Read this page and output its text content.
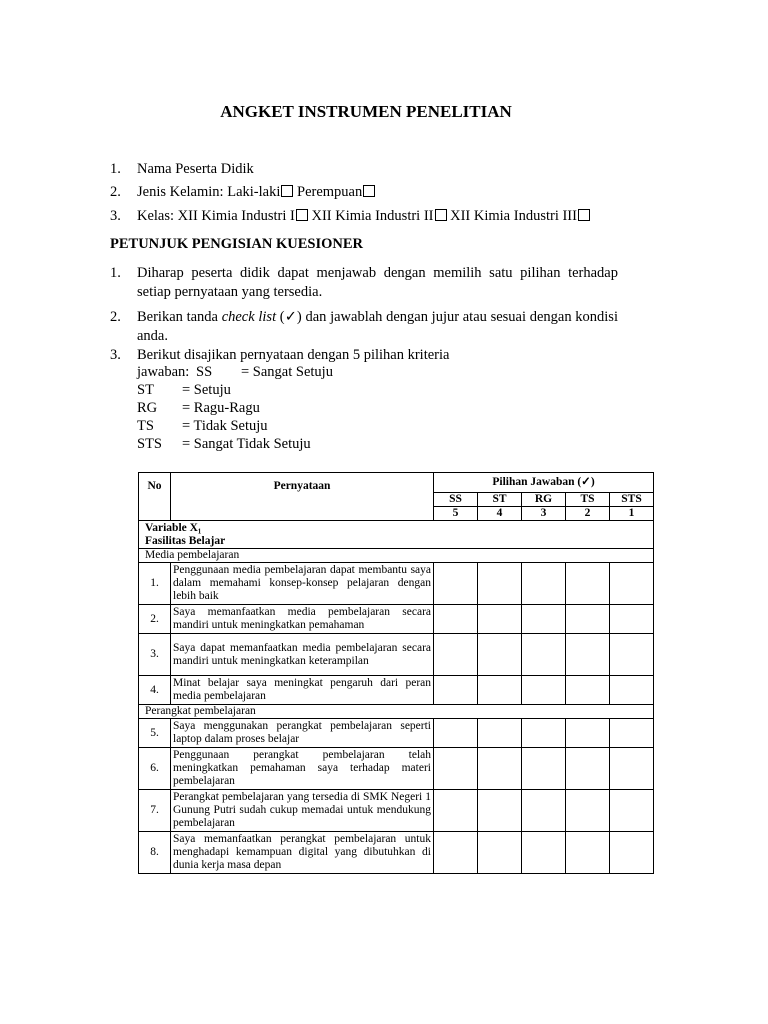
ANGKET INSTRUMEN PENELITIAN
1. Nama Peserta Didik
2. Jenis Kelamin: Laki-laki Perempuan
3. Kelas: XII Kimia Industri I XII Kimia Industri II XII Kimia Industri III
PETUNJUK PENGISIAN KUESIONER
1. Diharap peserta didik dapat menjawab dengan memilih satu pilihan terhadap setiap pernyataan yang tersedia.
2. Berikan tanda check list (✓) dan jawablah dengan jujur atau sesuai dengan kondisi anda.
3. Berikut disajikan pernyataan dengan 5 pilihan kriteria
jawaban: SS = Sangat Setuju
ST = Setuju
RG = Ragu-Ragu
TS = Tidak Setuju
STS = Sangat Tidak Setuju
No	Pernyataan	Pilihan Jawaban (✓)				
		SS	ST	RG	TS	STS
		5	4	3	2	1

Variable X₁
Fasilitas Belajar						

Media pembelajaran						
1.	Penggunaan media pembelajaran dapat membantu saya dalam memahami konsep-konsep pelajaran dengan lebih baik					
2.	Saya memanfaatkan media pembelajaran secara mandiri untuk meningkatkan pemahaman					
3.	Saya dapat memanfaatkan media pembelajaran secara mandiri untuk meningkatkan keterampilan					
4.	Minat belajar saya meningkat pengaruh dari peran media pembelajaran					
Perangkat pembelajaran						
5.	Saya menggunakan perangkat pembelajaran seperti laptop dalam proses belajar					
6.	Penggunaan perangkat pembelajaran telah meningkatkan pemahaman saya terhadap materi pembelajaran					
7.	Perangkat pembelajaran yang tersedia di SMK Negeri 1 Gunung Putri sudah cukup memadai untuk mendukung pembelajaran					
8.	Saya memanfaatkan perangkat pembelajaran untuk menghadapi kemampuan digital yang dibutuhkan di dunia kerja masa depan					
